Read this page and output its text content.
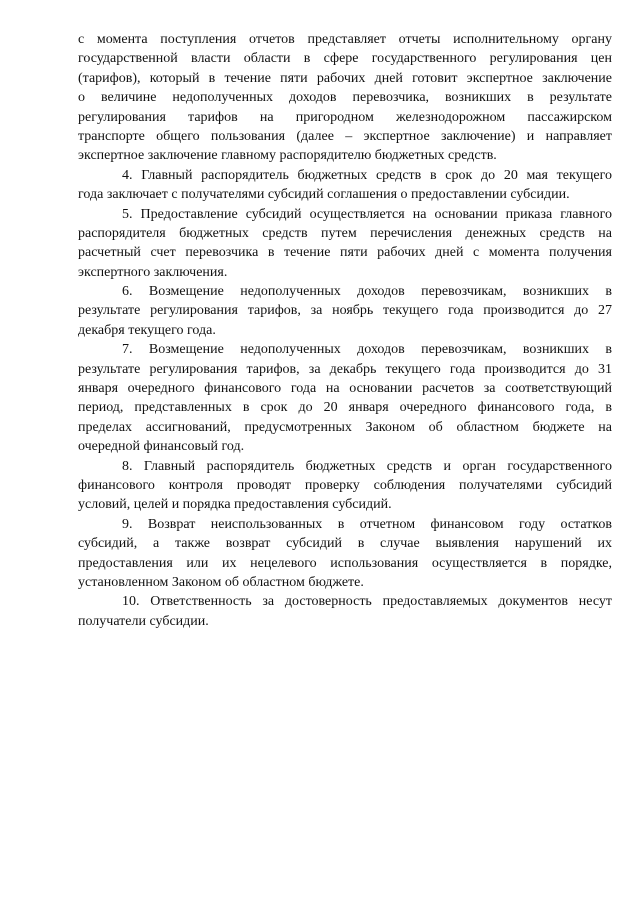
с момента поступления отчетов представляет отчеты исполнительному органу
государственной власти области в сфере государственного регулирования цен
(тарифов), который в течение пяти рабочих дней готовит экспертное заключение
о величине недополученных доходов перевозчика, возникших в результате
регулирования тарифов на пригородном железнодорожном пассажирском
транспорте общего пользования (далее – экспертное заключение) и направляет
экспертное заключение главному распорядителю бюджетных средств.

4. Главный распорядитель бюджетных средств в срок до 20 мая текущего
года заключает с получателями субсидий соглашения о предоставлении субсидии.

5. Предоставление субсидий осуществляется на основании приказа главного
распорядителя бюджетных средств путем перечисления денежных средств на
расчетный счет перевозчика в течение пяти рабочих дней с момента получения
экспертного заключения.

6. Возмещение недополученных доходов перевозчикам, возникших в
результате регулирования тарифов, за ноябрь текущего года производится до 27
декабря текущего года.

7. Возмещение недополученных доходов перевозчикам, возникших в
результате регулирования тарифов, за декабрь текущего года производится до 31
января очередного финансового года на основании расчетов за соответствующий
период, представленных в срок до 20 января очередного финансового года, в
пределах ассигнований, предусмотренных Законом об областном бюджете на
очередной финансовый год.

8. Главный распорядитель бюджетных средств и орган государственного
финансового контроля проводят проверку соблюдения получателями субсидий
условий, целей и порядка предоставления субсидий.

9. Возврат неиспользованных в отчетном финансовом году остатков
субсидий, а также возврат субсидий в случае выявления нарушений их
предоставления или их нецелевого использования осуществляется в порядке,
установленном Законом об областном бюджете.

10. Ответственность за достоверность предоставляемых документов несут
получатели субсидии.
